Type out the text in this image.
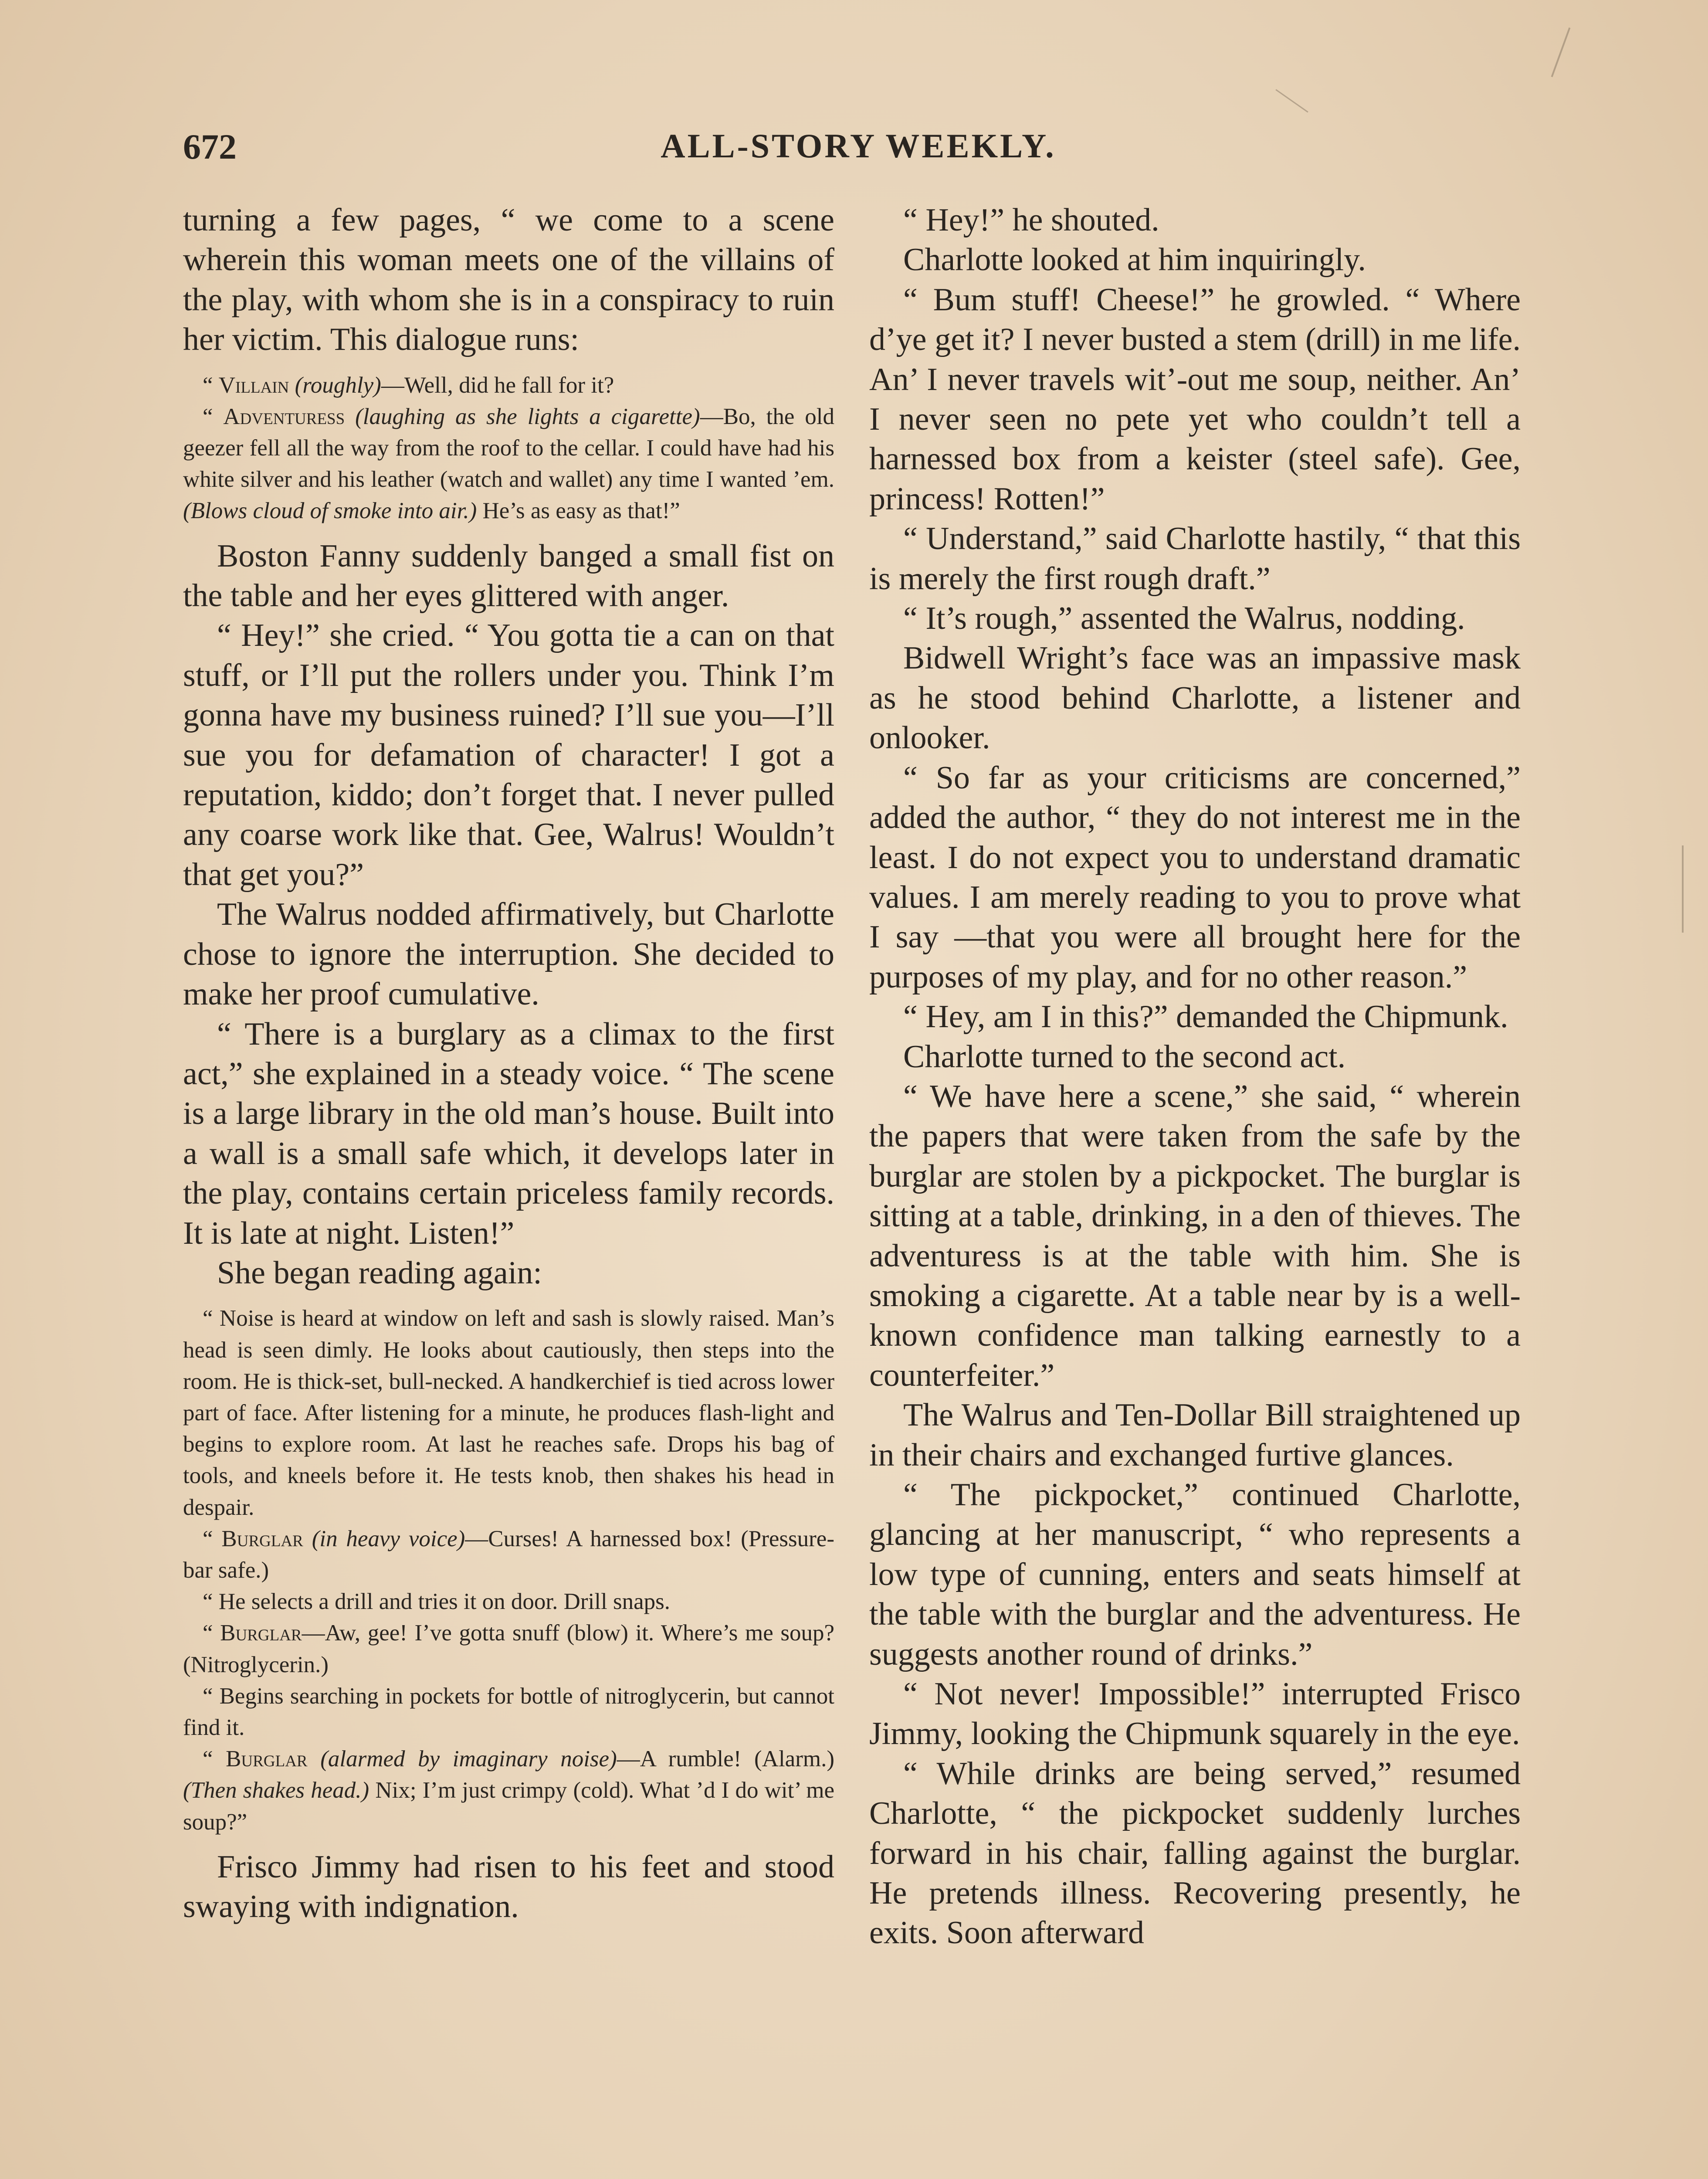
672	ALL-STORY WEEKLY.

turning a few pages, “ we come to a scene wherein this woman meets one of the villains of the play, with whom she is in a conspiracy to ruin her victim. This dialogue runs:

“ Villain (roughly)—Well, did he fall for it?

“ Adventuress (laughing as she lights a cigarette)—Bo, the old geezer fell all the way from the roof to the cellar. I could have had his white silver and his leather (watch and wallet) any time I wanted ’em. (Blows cloud of smoke into air.) He’s as easy as that!”

Boston Fanny suddenly banged a small fist on the table and her eyes glittered with anger.

“ Hey!” she cried. “ You gotta tie a can on that stuff, or I’ll put the rollers under you. Think I’m gonna have my business ruined? I’ll sue you—I’ll sue you for defamation of character! I got a reputation, kiddo; don’t forget that. I never pulled any coarse work like that. Gee, Walrus! Wouldn’t that get you?”

The Walrus nodded affirmatively, but Charlotte chose to ignore the interruption. She decided to make her proof cumulative.

“ There is a burglary as a climax to the first act,” she explained in a steady voice. “ The scene is a large library in the old man’s house. Built into a wall is a small safe which, it develops later in the play, contains certain priceless family records. It is late at night. Listen!”

She began reading again:

“ Noise is heard at window on left and sash is slowly raised. Man’s head is seen dimly. He looks about cautiously, then steps into the room. He is thick-set, bull-necked. A handkerchief is tied across lower part of face. After listening for a minute, he produces flash-light and begins to explore room. At last he reaches safe. Drops his bag of tools, and kneels before it. He tests knob, then shakes his head in despair.

“ Burglar (in heavy voice)—Curses! A harnessed box! (Pressure-bar safe.)

“ He selects a drill and tries it on door. Drill snaps.

“ Burglar—Aw, gee! I’ve gotta snuff (blow) it. Where’s me soup? (Nitroglycerin.)

“ Begins searching in pockets for bottle of nitroglycerin, but cannot find it.

“ Burglar (alarmed by imaginary noise)—A rumble! (Alarm.) (Then shakes head.) Nix; I’m just crimpy (cold). What ’d I do wit’ me soup?”

Frisco Jimmy had risen to his feet and stood swaying with indignation.

“ Hey!” he shouted.

Charlotte looked at him inquiringly.

“ Bum stuff! Cheese!” he growled. “ Where d’ye get it? I never busted a stem (drill) in me life. An’ I never travels wit’-out me soup, neither. An’ I never seen no pete yet who couldn’t tell a harnessed box from a keister (steel safe). Gee, princess! Rotten!”

“ Understand,” said Charlotte hastily, “ that this is merely the first rough draft.”

“ It’s rough,” assented the Walrus, nodding.

Bidwell Wright’s face was an impassive mask as he stood behind Charlotte, a listener and onlooker.

“ So far as your criticisms are concerned,” added the author, “ they do not interest me in the least. I do not expect you to understand dramatic values. I am merely reading to you to prove what I say —that you were all brought here for the purposes of my play, and for no other reason.”

“ Hey, am I in this?” demanded the Chipmunk.

Charlotte turned to the second act.

“ We have here a scene,” she said, “ wherein the papers that were taken from the safe by the burglar are stolen by a pickpocket. The burglar is sitting at a table, drinking, in a den of thieves. The adventuress is at the table with him. She is smoking a cigarette. At a table near by is a well-known confidence man talking earnestly to a counterfeiter.”

The Walrus and Ten-Dollar Bill straightened up in their chairs and exchanged furtive glances.

“ The pickpocket,” continued Charlotte, glancing at her manuscript, “ who represents a low type of cunning, enters and seats himself at the table with the burglar and the adventuress. He suggests another round of drinks.”

“ Not never! Impossible!” interrupted Frisco Jimmy, looking the Chipmunk squarely in the eye.

“ While drinks are being served,” resumed Charlotte, “ the pickpocket suddenly lurches forward in his chair, falling against the burglar. He pretends illness. Recovering presently, he exits. Soon afterward
